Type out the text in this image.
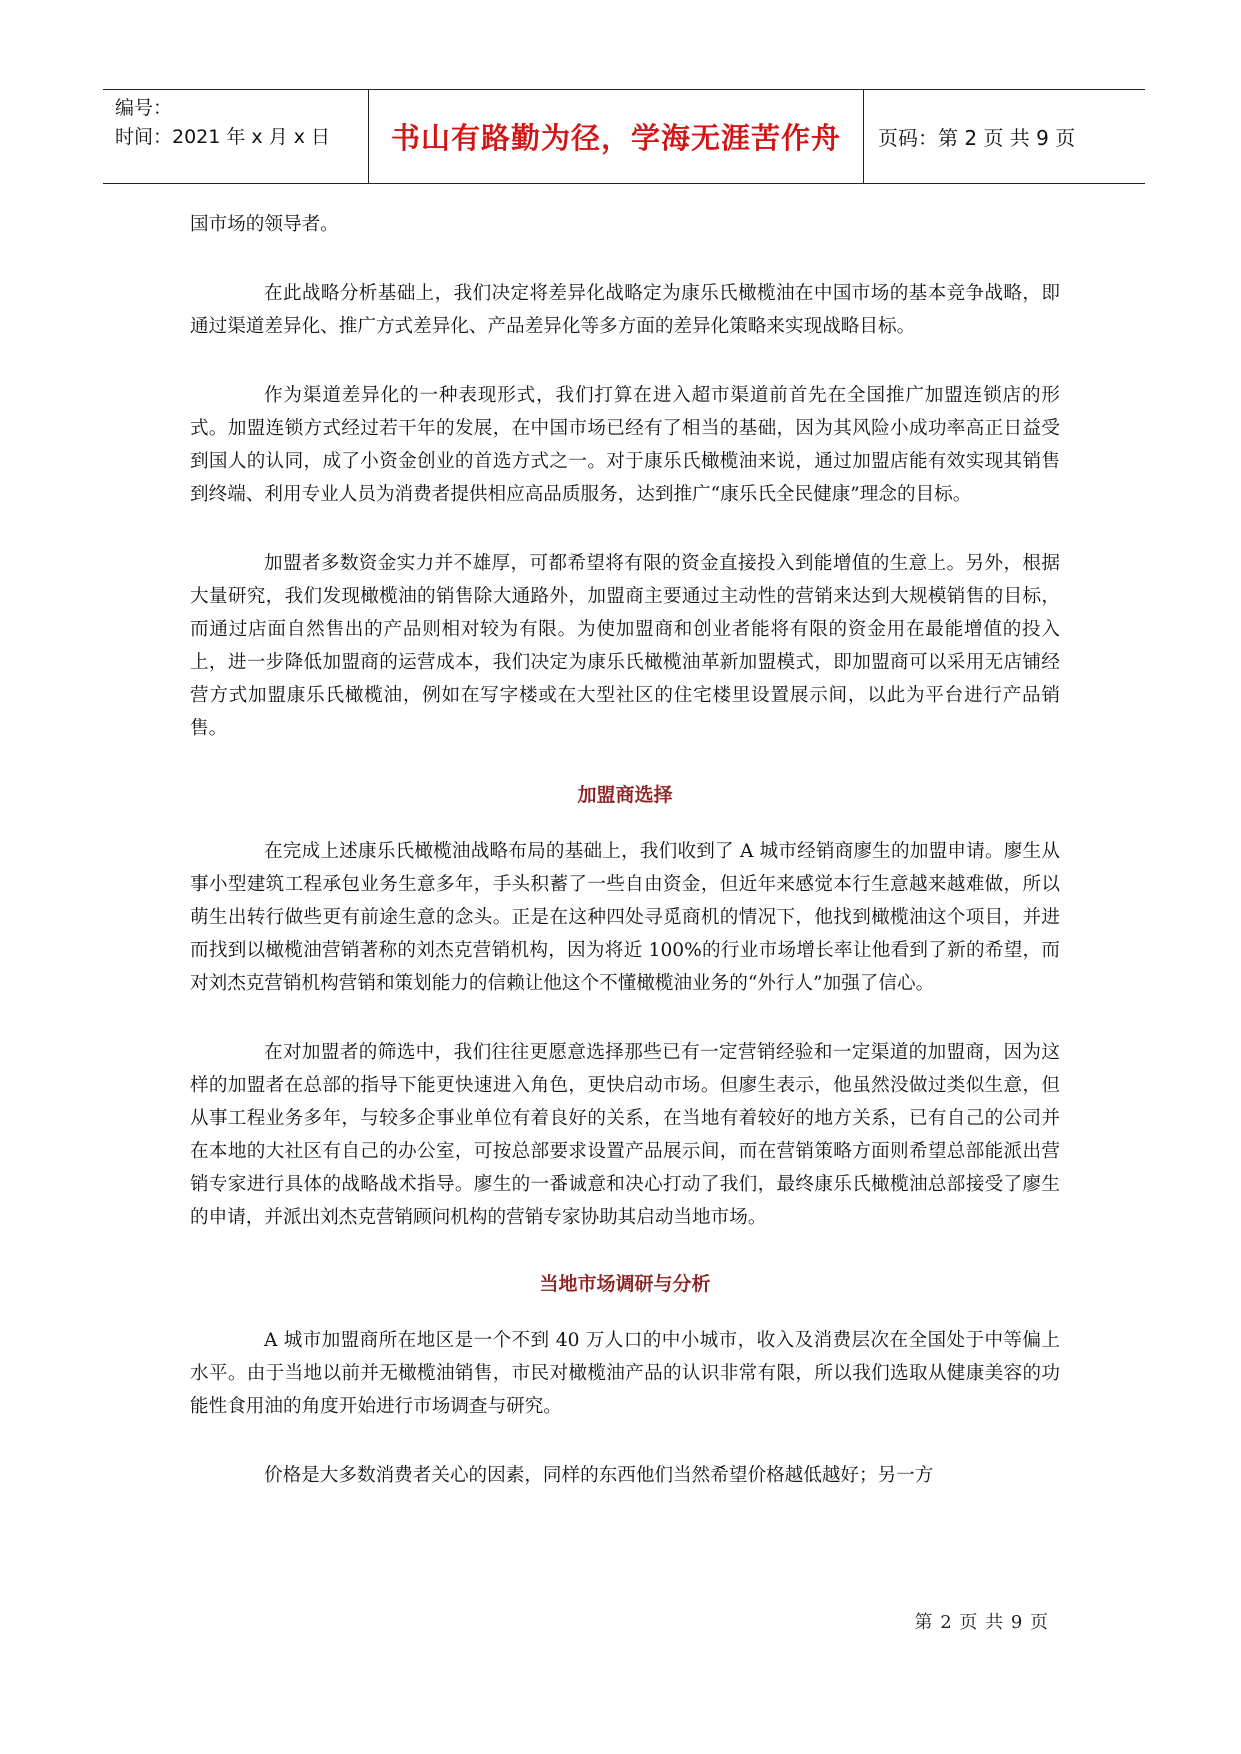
编号：
时间：2021 年 x 月 x 日	书山有路勤为径，学海无涯苦作舟 页码：第 2 页 共 9 页

国市场的领导者。

在此战略分析基础上，我们决定将差异化战略定为康乐氏橄榄油在中国市场的基本竞争战略，即通过渠道差异化、推广方式差异化、产品差异化等多方面的差异化策略来实现战略目标。

作为渠道差异化的一种表现形式，我们打算在进入超市渠道前首先在全国推广加盟连锁店的形式。加盟连锁方式经过若干年的发展，在中国市场已经有了相当的基础，因为其风险小成功率高正日益受到国人的认同，成了小资金创业的首选方式之一。对于康乐氏橄榄油来说，通过加盟店能有效实现其销售到终端、利用专业人员为消费者提供相应高品质服务，达到推广“康乐氏全民健康”理念的目标。

加盟者多数资金实力并不雄厚，可都希望将有限的资金直接投入到能增值的生意上。另外，根据大量研究，我们发现橄榄油的销售除大通路外，加盟商主要通过主动性的营销来达到大规模销售的目标，而通过店面自然售出的产品则相对较为有限。为使加盟商和创业者能将有限的资金用在最能增值的投入上，进一步降低加盟商的运营成本，我们决定为康乐氏橄榄油革新加盟模式，即加盟商可以采用无店铺经营方式加盟康乐氏橄榄油，例如在写字楼或在大型社区的住宅楼里设置展示间，以此为平台进行产品销售。

加盟商选择

在完成上述康乐氏橄榄油战略布局的基础上，我们收到了 A 城市经销商廖生的加盟申请。廖生从事小型建筑工程承包业务生意多年，手头积蓄了一些自由资金，但近年来感觉本行生意越来越难做，所以萌生出转行做些更有前途生意的念头。正是在这种四处寻觅商机的情况下，他找到橄榄油这个项目，并进而找到以橄榄油营销著称的刘杰克营销机构，因为将近 100%的行业市场增长率让他看到了新的希望，而对刘杰克营销机构营销和策划能力的信赖让他这个不懂橄榄油业务的“外行人”加强了信心。

在对加盟者的筛选中，我们往往更愿意选择那些已有一定营销经验和一定渠道的加盟商，因为这样的加盟者在总部的指导下能更快速进入角色，更快启动市场。但廖生表示，他虽然没做过类似生意，但从事工程业务多年，与较多企事业单位有着良好的关系，在当地有着较好的地方关系，已有自己的公司并在本地的大社区有自己的办公室，可按总部要求设置产品展示间，而在营销策略方面则希望总部能派出营销专家进行具体的战略战术指导。廖生的一番诚意和决心打动了我们，最终康乐氏橄榄油总部接受了廖生的申请，并派出刘杰克营销顾问机构的营销专家协助其启动当地市场。

当地市场调研与分析

A 城市加盟商所在地区是一个不到 40 万人口的中小城市，收入及消费层次在全国处于中等偏上水平。由于当地以前并无橄榄油销售，市民对橄榄油产品的认识非常有限，所以我们选取从健康美容的功能性食用油的角度开始进行市场调查与研究。

价格是大多数消费者关心的因素，同样的东西他们当然希望价格越低越好；另一方

第 2 页 共 9 页
